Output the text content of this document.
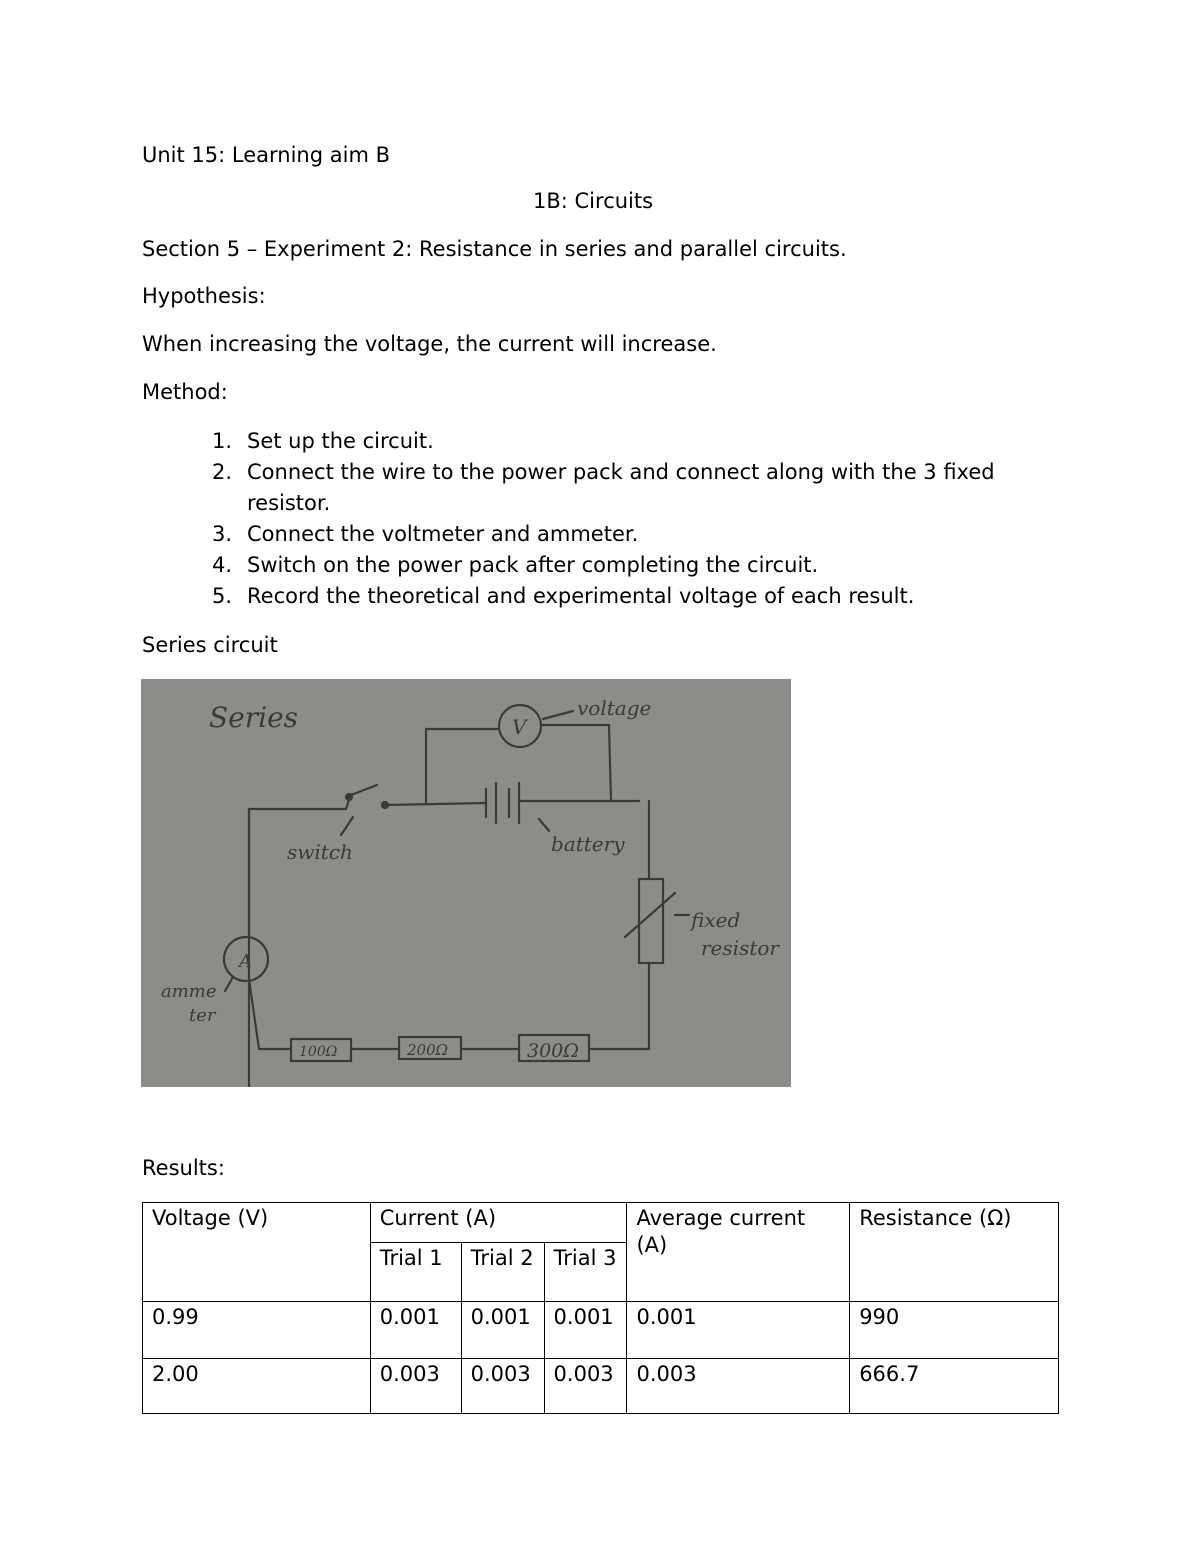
Unit 15: Learning aim B
1B: Circuits
Section 5 – Experiment 2: Resistance in series and parallel circuits.
Hypothesis:
When increasing the voltage, the current will increase.
Method:
1. Set up the circuit.
2. Connect the wire to the power pack and connect along with the 3 fixed resistor.
3. Connect the voltmeter and ammeter.
4. Switch on the power pack after completing the circuit.
5. Record the theoretical and experimental voltage of each result.
Series circuit
Series	V
voltage
switch	battery
fixed
resistor
A
amme
ter
100Ω	200Ω	300Ω
Results:
Voltage (V)	Current (A)			Average current (A)	Resistance (Ω)
	Trial 1	Trial 2	Trial 3		
0.99	0.001	0.001	0.001	0.001	990
2.00	0.003	0.003	0.003	0.003	666.7
